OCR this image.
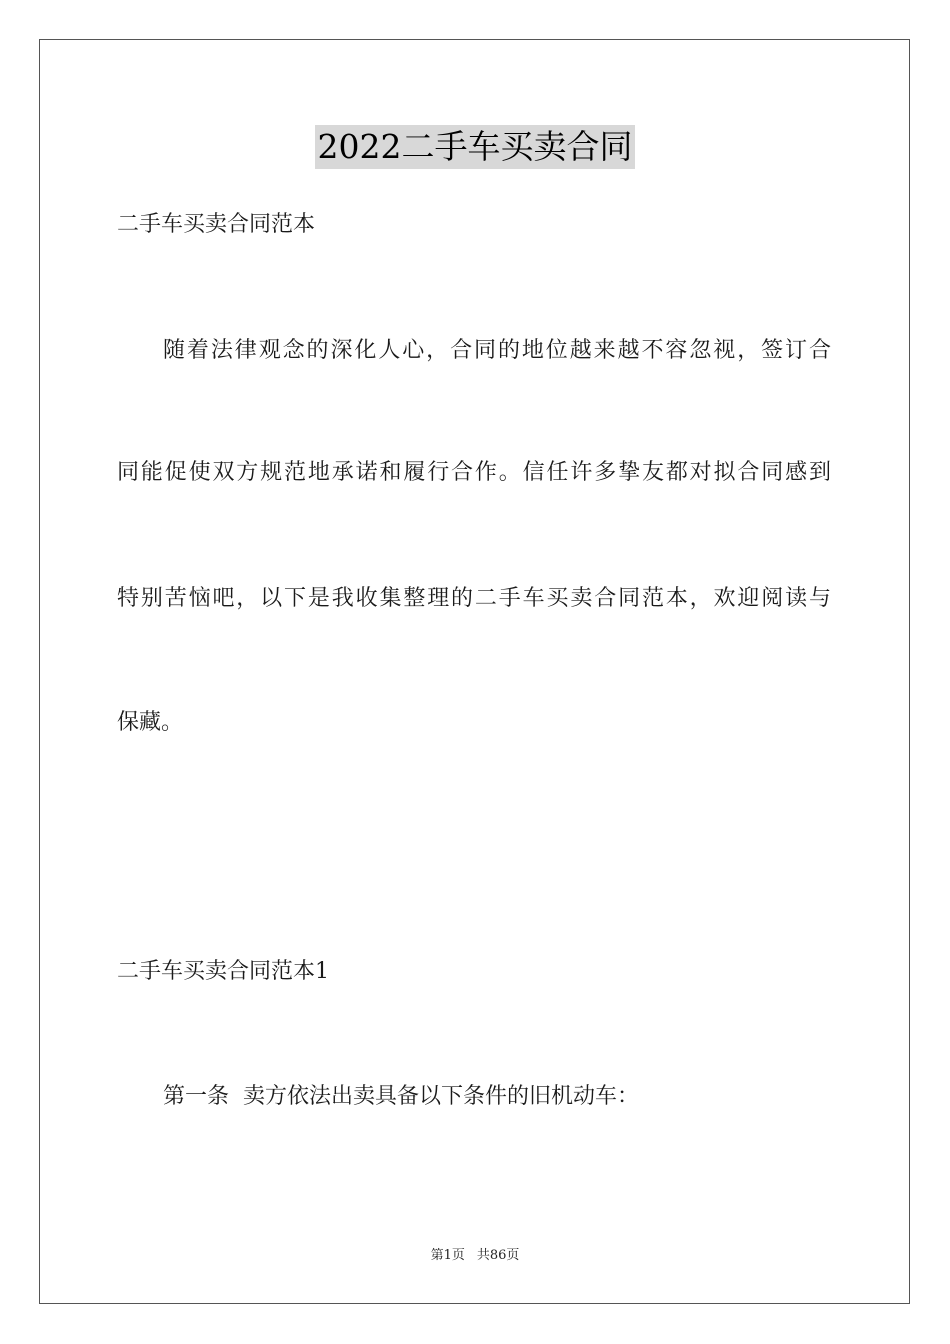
2022二手车买卖合同
二手车买卖合同范本
随着法律观念的深化人心，合同的地位越来越不容忽视，签订合
同能促使双方规范地承诺和履行合作。信任许多挚友都对拟合同感到
特别苦恼吧，以下是我收集整理的二手车买卖合同范本，欢迎阅读与
保藏。
二手车买卖合同范本1
第一条  卖方依法出卖具备以下条件的旧机动车：
第1页 共86页
